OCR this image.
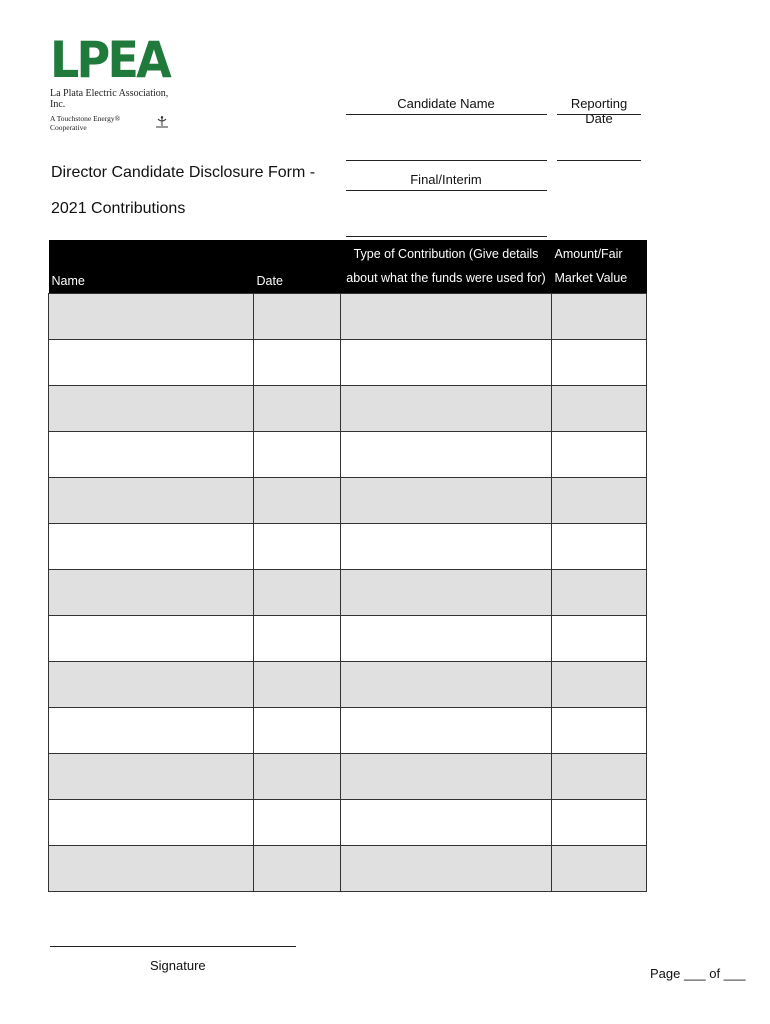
LPEA
La Plata Electric Association, Inc.
A Touchstone Energy® Cooperative
Candidate Name	Reporting Date
Final/Interim
Director Candidate Disclosure Form -
2021 Contributions
Name	Date	Type of Contribution (Give details about what the funds were used for)	Amount/Fair Market Value

Signature
Page ___ of ___
